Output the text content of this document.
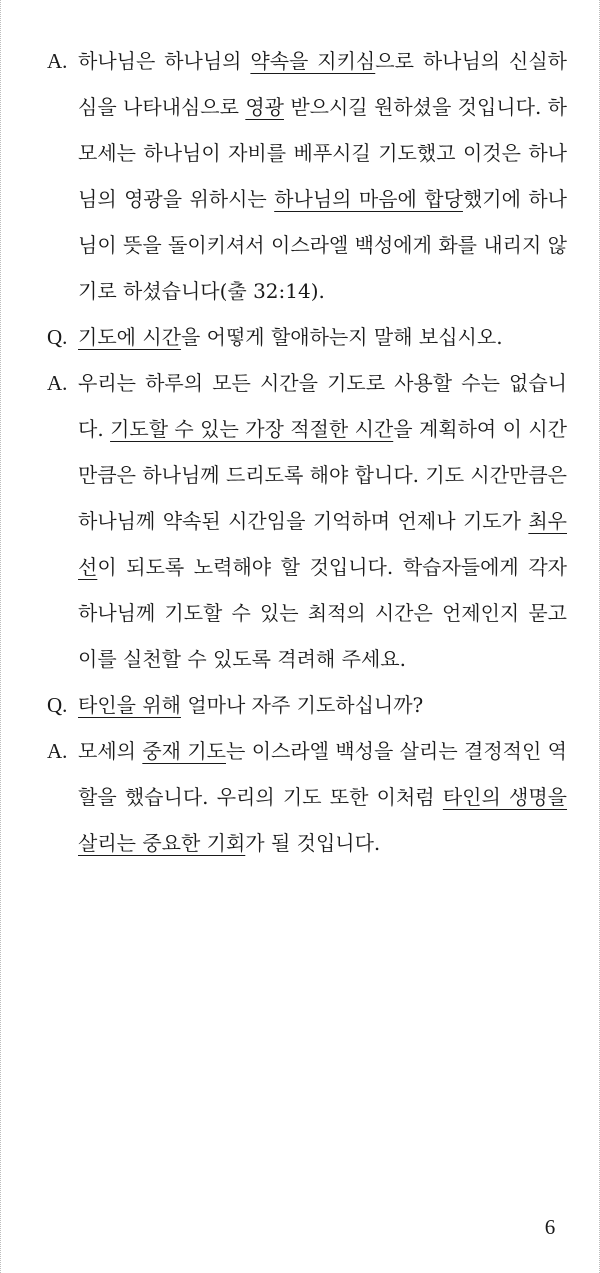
A. 하나님은 하나님의 약속을 지키심으로 하나님의 신실하심을 나타내심으로 영광 받으시길 원하셨을 것입니다. 하모세는 하나님이 자비를 베푸시길 기도했고 이것은 하나님의 영광을 위하시는 하나님의 마음에 합당했기에 하나님이 뜻을 돌이키셔서 이스라엘 백성에게 화를 내리지 않기로 하셨습니다(출 32:14).

Q. 기도에 시간을 어떻게 할애하는지 말해 보십시오.

A. 우리는 하루의 모든 시간을 기도로 사용할 수는 없습니다. 기도할 수 있는 가장 적절한 시간을 계획하여 이 시간만큼은 하나님께 드리도록 해야 합니다. 기도 시간만큼은 하나님께 약속된 시간임을 기억하며 언제나 기도가 최우선이 되도록 노력해야 할 것입니다. 학습자들에게 각자 하나님께 기도할 수 있는 최적의 시간은 언제인지 묻고 이를 실천할 수 있도록 격려해 주세요.

Q. 타인을 위해 얼마나 자주 기도하십니까?

A. 모세의 중재 기도는 이스라엘 백성을 살리는 결정적인 역할을 했습니다. 우리의 기도 또한 이처럼 타인의 생명을 살리는 중요한 기회가 될 것입니다.

6
